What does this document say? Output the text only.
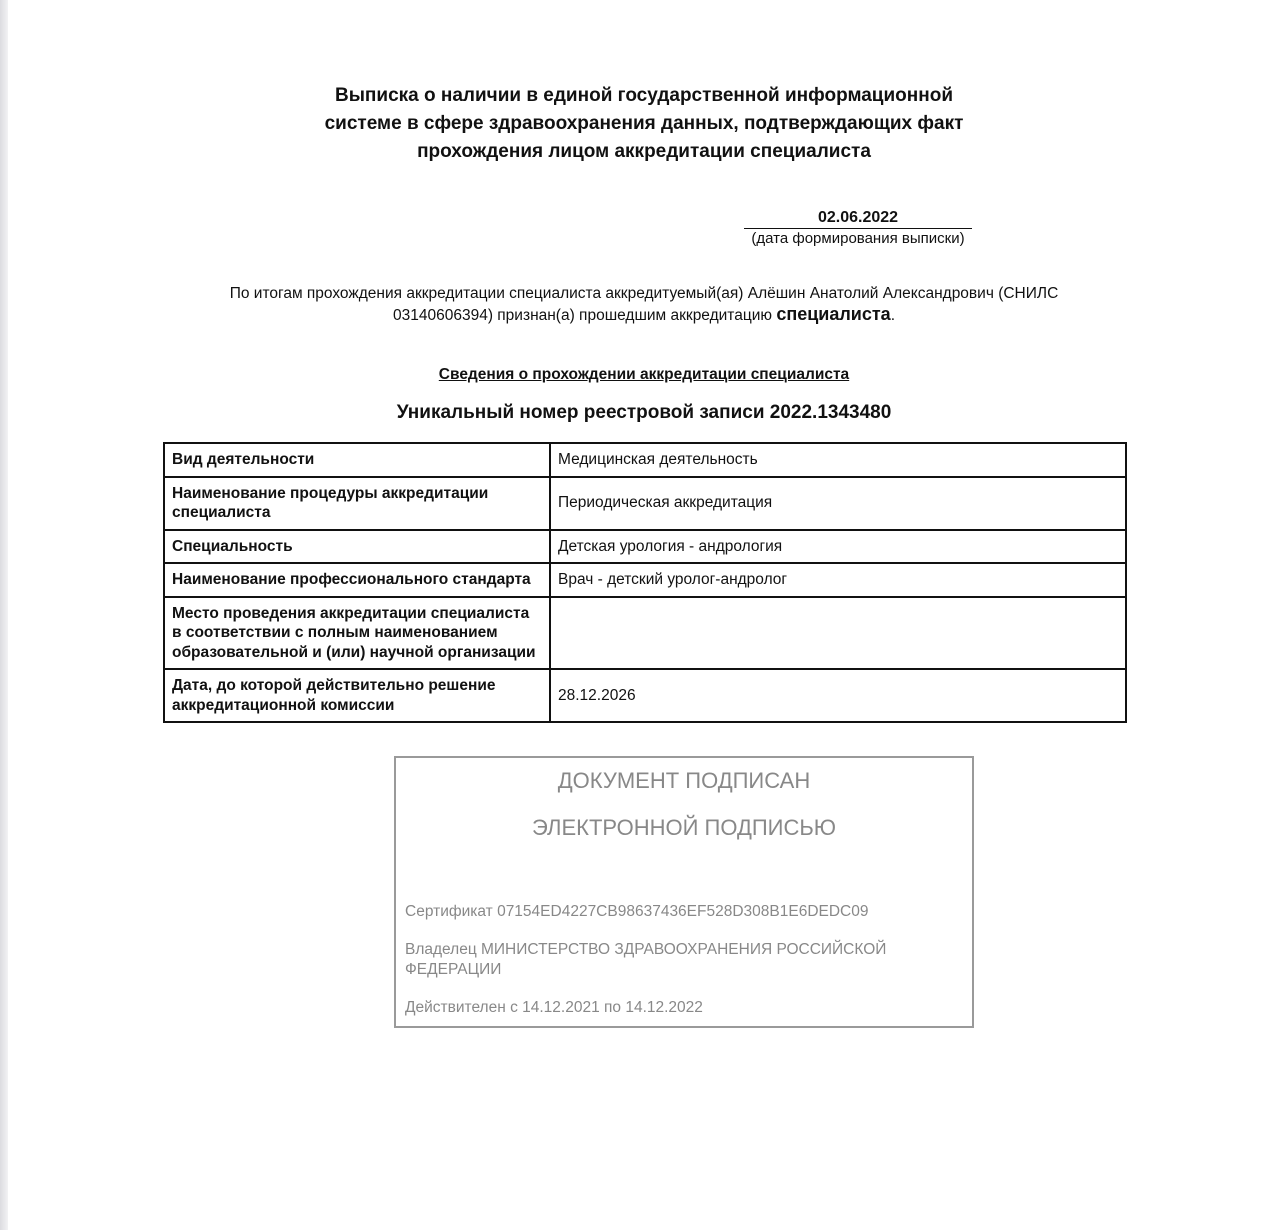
Выписка о наличии в единой государственной информационной
системе в сфере здравоохранения данных, подтверждающих факт
прохождения лицом аккредитации специалиста
02.06.2022
(дата формирования выписки)
По итогам прохождения аккредитации специалиста аккредитуемый(ая) Алёшин Анатолий Александрович (СНИЛС
03140606394) признан(а) прошедшим аккредитацию специалиста.
Сведения о прохождении аккредитации специалиста
Уникальный номер реестровой записи 2022.1343480
Вид деятельности	Медицинская деятельность
Наименование процедуры аккредитации специалиста	Периодическая аккредитация
Специальность	Детская урология - андрология
Наименование профессионального стандарта	Врач - детский уролог-андролог
Место проведения аккредитации специалиста в соответствии с полным наименованием образовательной и (или) научной организации	
Дата, до которой действительно решение аккредитационной комиссии	28.12.2026
ДОКУМЕНТ ПОДПИСАН
ЭЛЕКТРОННОЙ ПОДПИСЬЮ
Сертификат 07154ED4227CB98637436EF528D308B1E6DEDC09
Владелец МИНИСТЕРСТВО ЗДРАВООХРАНЕНИЯ РОССИЙСКОЙ ФЕДЕРАЦИИ
Действителен с 14.12.2021 по 14.12.2022
